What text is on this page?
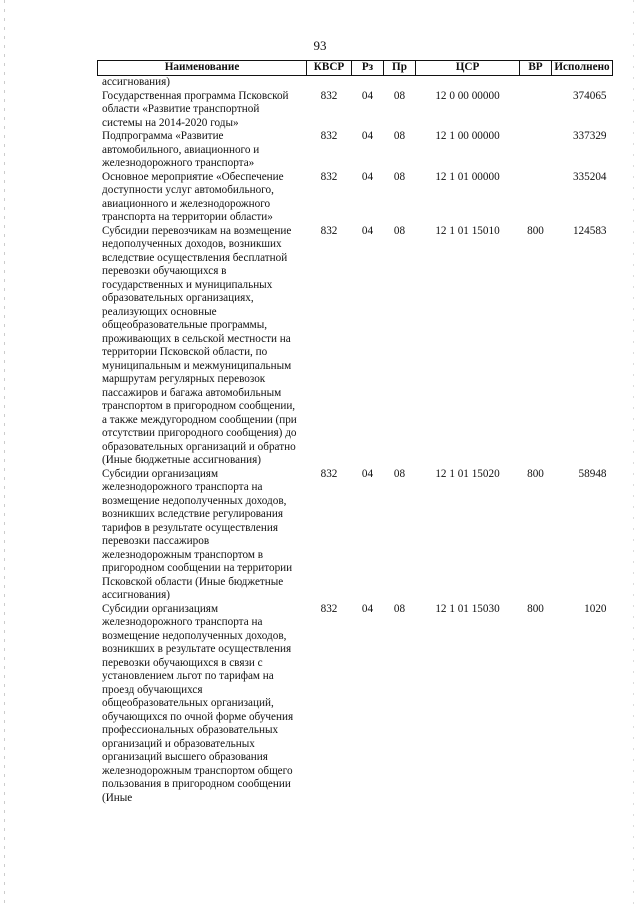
93
Наименование	КВСР	Рз	Пр	ЦСР	ВР	Исполнено
ассигнования)						
Государственная программа Псковской области «Развитие транспортной системы на 2014-2020 годы»	832	04	08	12 0 00 00000		374065
Подпрограмма «Развитие автомобильного, авиационного и железнодорожного транспорта»	832	04	08	12 1 00 00000		337329
Основное мероприятие «Обеспечение доступности услуг автомобильного, авиационного и железнодорожного транспорта на территории области»	832	04	08	12 1 01 00000		335204
Субсидии перевозчикам на возмещение недополученных доходов, возникших вследствие осуществления бесплатной перевозки обучающихся в государственных и муниципальных образовательных организациях, реализующих основные общеобразовательные программы, проживающих в сельской местности на территории Псковской области, по муниципальным и межмуниципальным маршрутам регулярных перевозок пассажиров и багажа автомобильным транспортом в пригородном сообщении, а также междугородном сообщении (при отсутствии пригородного сообщения) до образовательных организаций и обратно (Иные бюджетные ассигнования)	832	04	08	12 1 01 15010	800	124583
Субсидии организациям железнодорожного транспорта на возмещение недополученных доходов, возникших вследствие регулирования тарифов в результате осуществления перевозки пассажиров железнодорожным транспортом в пригородном сообщении на территории Псковской области (Иные бюджетные ассигнования)	832	04	08	12 1 01 15020	800	58948
Субсидии организациям железнодорожного транспорта на возмещение недополученных доходов, возникших в результате осуществления перевозки обучающихся в связи с установлением льгот по тарифам на проезд обучающихся общеобразовательных организаций, обучающихся по очной форме обучения профессиональных образовательных организаций и образовательных организаций высшего образования железнодорожным транспортом общего пользования в пригородном сообщении (Иные	832	04	08	12 1 01 15030	800	1020
